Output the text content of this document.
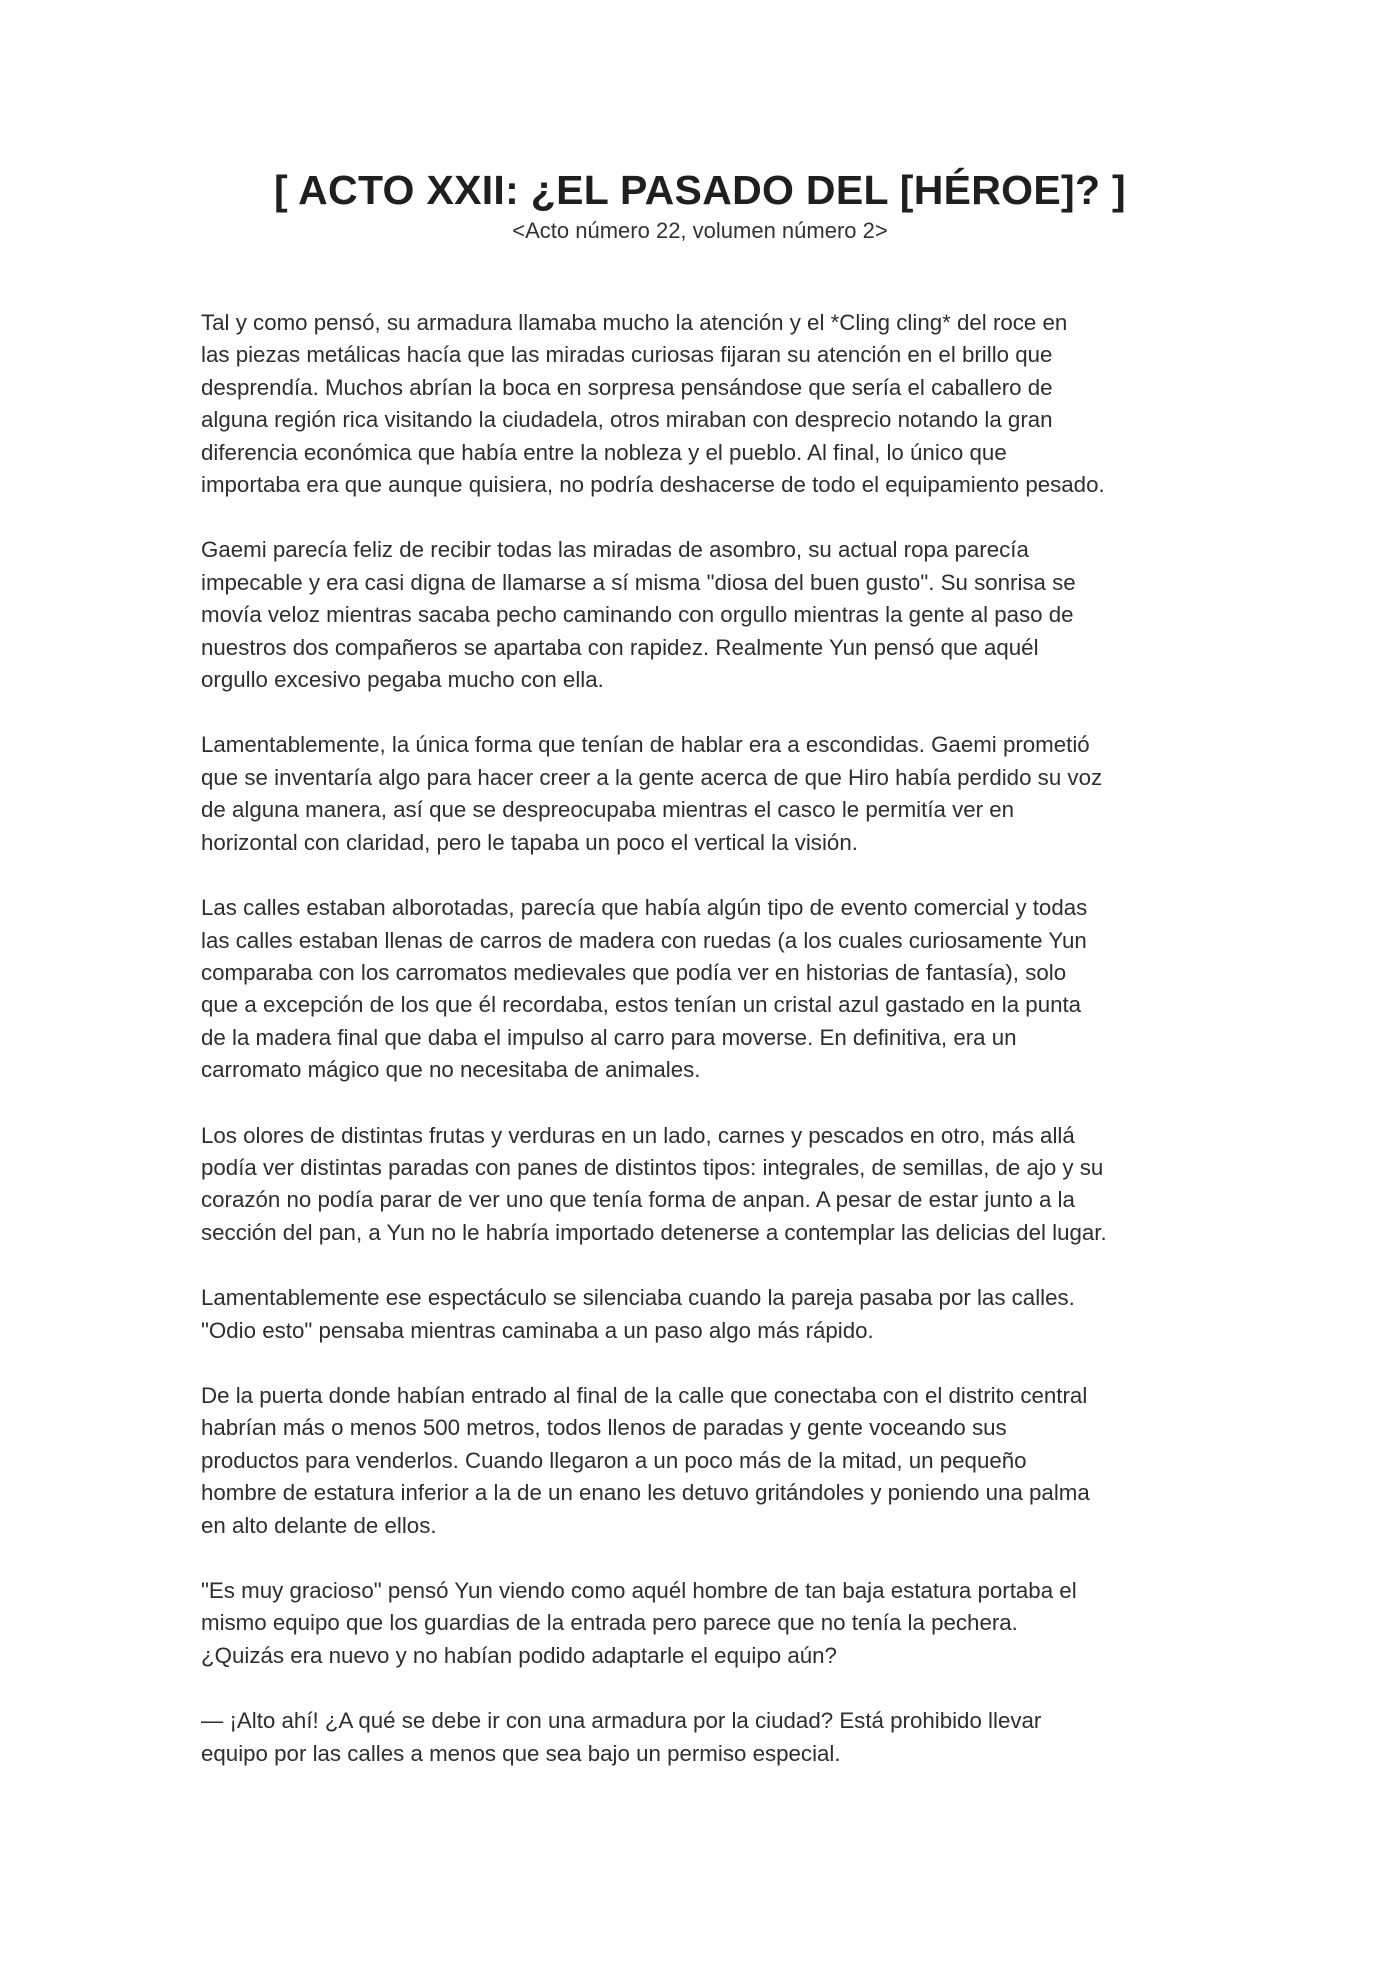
[ ACTO XXII: ¿EL PASADO DEL [HÉROE]? ]
<Acto número 22, volumen número 2>

Tal y como pensó, su armadura llamaba mucho la atención y el *Cling cling* del roce en
las piezas metálicas hacía que las miradas curiosas fijaran su atención en el brillo que
desprendía. Muchos abrían la boca en sorpresa pensándose que sería el caballero de
alguna región rica visitando la ciudadela, otros miraban con desprecio notando la gran
diferencia económica que había entre la nobleza y el pueblo. Al final, lo único que
importaba era que aunque quisiera, no podría deshacerse de todo el equipamiento pesado.

Gaemi parecía feliz de recibir todas las miradas de asombro, su actual ropa parecía
impecable y era casi digna de llamarse a sí misma "diosa del buen gusto". Su sonrisa se
movía veloz mientras sacaba pecho caminando con orgullo mientras la gente al paso de
nuestros dos compañeros se apartaba con rapidez. Realmente Yun pensó que aquél
orgullo excesivo pegaba mucho con ella.

Lamentablemente, la única forma que tenían de hablar era a escondidas. Gaemi prometió
que se inventaría algo para hacer creer a la gente acerca de que Hiro había perdido su voz
de alguna manera, así que se despreocupaba mientras el casco le permitía ver en
horizontal con claridad, pero le tapaba un poco el vertical la visión.

Las calles estaban alborotadas, parecía que había algún tipo de evento comercial y todas
las calles estaban llenas de carros de madera con ruedas (a los cuales curiosamente Yun
comparaba con los carromatos medievales que podía ver en historias de fantasía), solo
que a excepción de los que él recordaba, estos tenían un cristal azul gastado en la punta
de la madera final que daba el impulso al carro para moverse. En definitiva, era un
carromato mágico que no necesitaba de animales.

Los olores de distintas frutas y verduras en un lado, carnes y pescados en otro, más allá
podía ver distintas paradas con panes de distintos tipos: integrales, de semillas, de ajo y su
corazón no podía parar de ver uno que tenía forma de anpan. A pesar de estar junto a la
sección del pan, a Yun no le habría importado detenerse a contemplar las delicias del lugar.

Lamentablemente ese espectáculo se silenciaba cuando la pareja pasaba por las calles.
"Odio esto" pensaba mientras caminaba a un paso algo más rápido.

De la puerta donde habían entrado al final de la calle que conectaba con el distrito central
habrían más o menos 500 metros, todos llenos de paradas y gente voceando sus
productos para venderlos. Cuando llegaron a un poco más de la mitad, un pequeño
hombre de estatura inferior a la de un enano les detuvo gritándoles y poniendo una palma
en alto delante de ellos.

"Es muy gracioso" pensó Yun viendo como aquél hombre de tan baja estatura portaba el
mismo equipo que los guardias de la entrada pero parece que no tenía la pechera.
¿Quizás era nuevo y no habían podido adaptarle el equipo aún?

— ¡Alto ahí! ¿A qué se debe ir con una armadura por la ciudad? Está prohibido llevar
equipo por las calles a menos que sea bajo un permiso especial.
